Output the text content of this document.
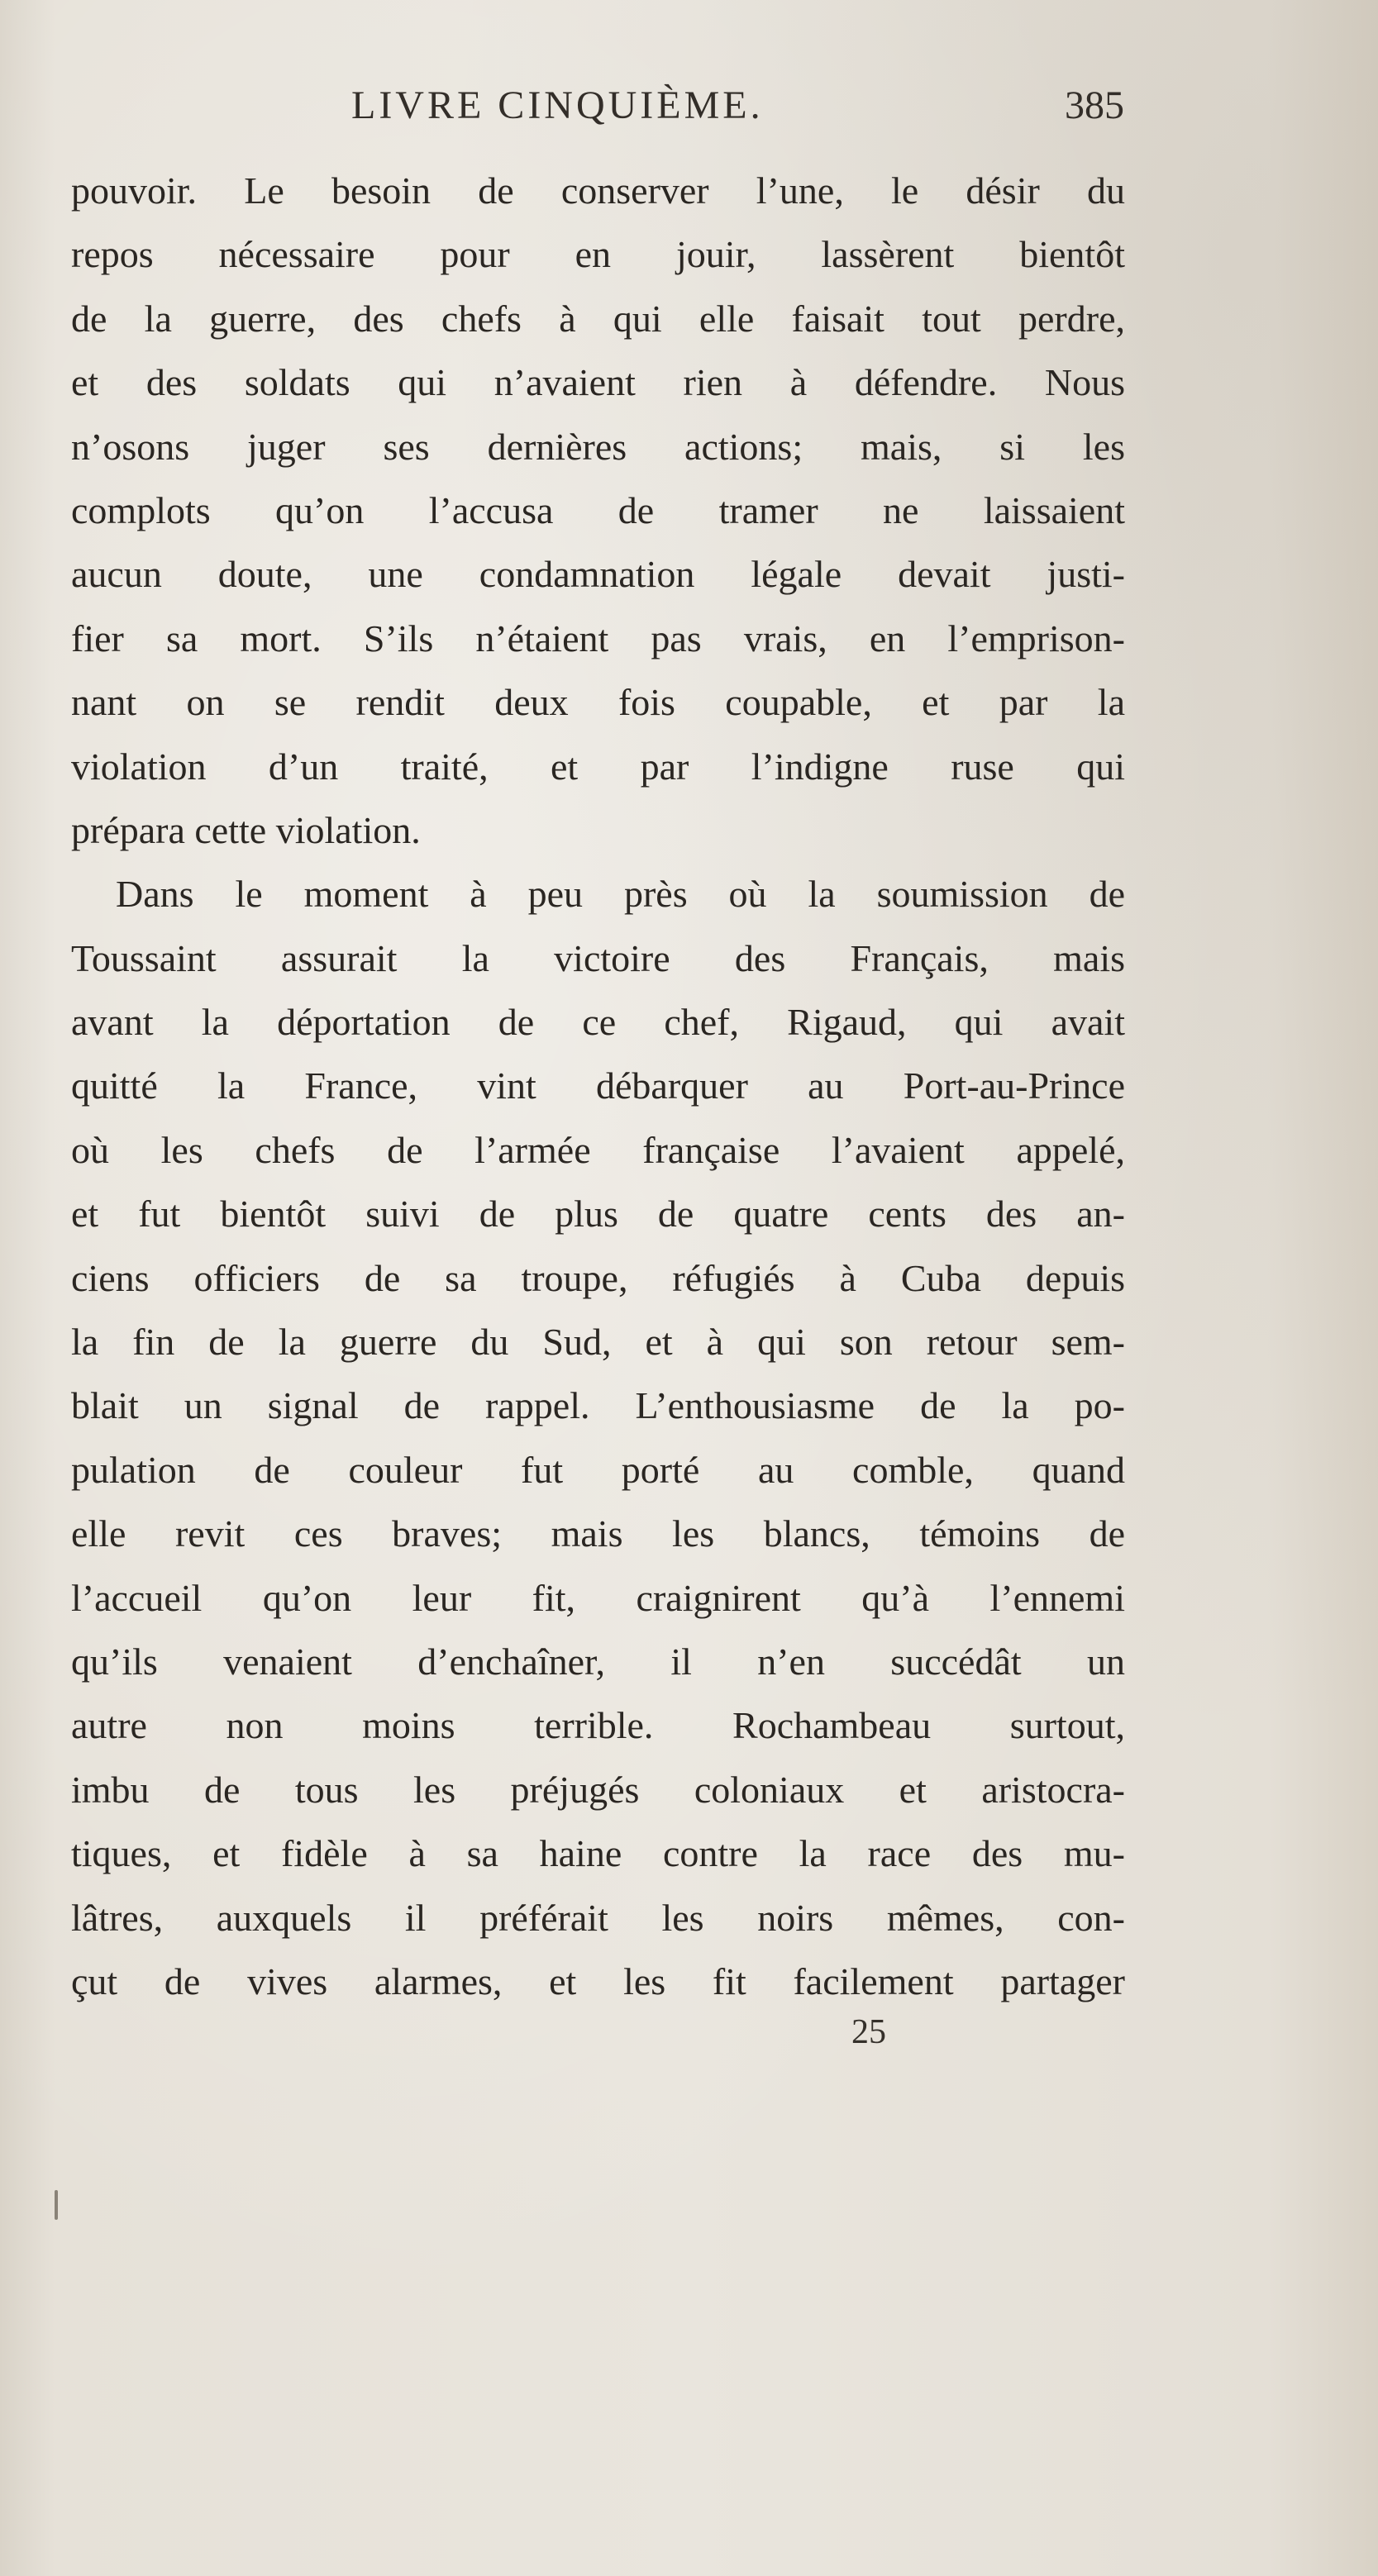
LIVRE CINQUIÈME.	385
pouvoir. Le besoin de conserver l’une, le désir du
repos nécessaire pour en jouir, lassèrent bientôt
de la guerre, des chefs à qui elle faisait tout perdre,
et des soldats qui n’avaient rien à défendre. Nous
n’osons juger ses dernières actions; mais, si les
complots qu’on l’accusa de tramer ne laissaient
aucun doute, une condamnation légale devait justi-
fier sa mort. S’ils n’étaient pas vrais, en l’emprison-
nant on se rendit deux fois coupable, et par la
violation d’un traité, et par l’indigne ruse qui
prépara cette violation.
Dans le moment à peu près où la soumission de
Toussaint assurait la victoire des Français, mais
avant la déportation de ce chef, Rigaud, qui avait
quitté la France, vint débarquer au Port-au-Prince
où les chefs de l’armée française l’avaient appelé,
et fut bientôt suivi de plus de quatre cents des an-
ciens officiers de sa troupe, réfugiés à Cuba depuis
la fin de la guerre du Sud, et à qui son retour sem-
blait un signal de rappel. L’enthousiasme de la po-
pulation de couleur fut porté au comble, quand
elle revit ces braves; mais les blancs, témoins de
l’accueil qu’on leur fit, craignirent qu’à l’ennemi
qu’ils venaient d’enchaîner, il n’en succédât un
autre non moins terrible. Rochambeau surtout,
imbu de tous les préjugés coloniaux et aristocra-
tiques, et fidèle à sa haine contre la race des mu-
lâtres, auxquels il préférait les noirs mêmes, con-
çut de vives alarmes, et les fit facilement partager
25
